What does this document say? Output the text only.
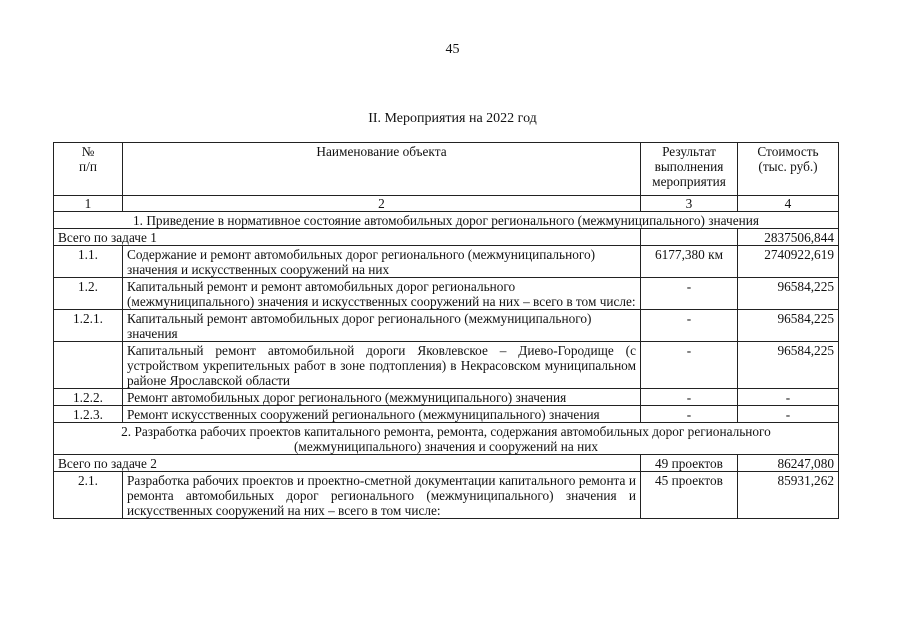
45
II. Мероприятия на 2022 год
№
п/п	Наименование объекта	Результат выполнения мероприятия	Стоимость (тыс. руб.)
1	2	3	4
1. Приведение в нормативное состояние автомобильных дорог регионального (межмуниципального) значения			
Всего по задаче 1			2837506,844
1.1.	Содержание и ремонт автомобильных дорог регионального (межмуниципального) значения и искусственных сооружений на них	6177,380 км	2740922,619
1.2.	Капитальный ремонт и ремонт автомобильных дорог регионального (межмуниципального) значения и искусственных сооружений на них – всего в том числе:	-	96584,225
1.2.1.	Капитальный ремонт автомобильных дорог регионального (межмуниципального) значения	-	96584,225
	Капитальный ремонт автомобильной дороги Яковлевское – Диево-Городище (с устройством укрепительных работ в зоне подтопления) в Некрасовском муниципальном районе Ярославской области	-	96584,225
1.2.2.	Ремонт автомобильных дорог регионального (межмуниципального) значения	-	-
1.2.3.	Ремонт искусственных сооружений регионального (межмуниципального) значения	-	-
2. Разработка рабочих проектов капитального ремонта, ремонта, содержания автомобильных дорог регионального (межмуниципального) значения и сооружений на них			
Всего по задаче 2		49 проектов	86247,080
2.1.	Разработка рабочих проектов и проектно-сметной документации капитального ремонта и ремонта автомобильных дорог регионального (межмуниципального) значения и искусственных сооружений на них – всего в том числе:	45 проектов	85931,262
